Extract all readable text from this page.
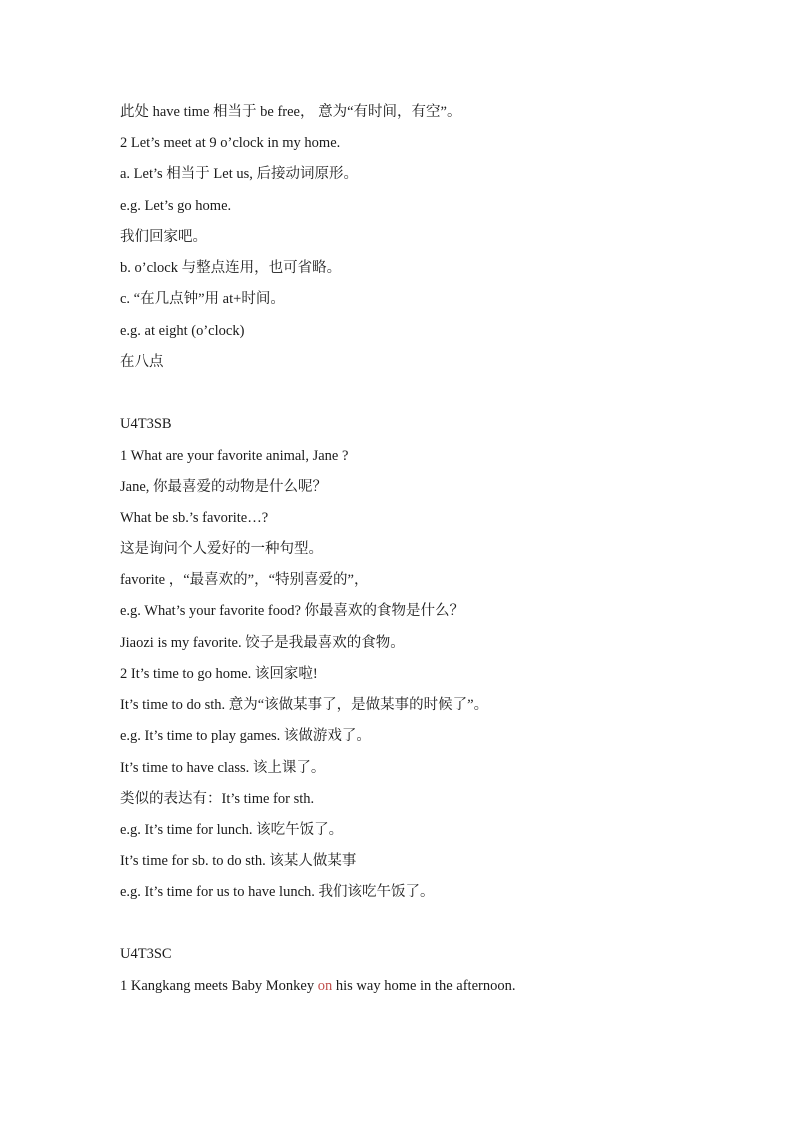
此处 have time 相当于 be free， 意为“有时间，有空”。
2 Let’s meet at 9 o’clock in my home.
a. Let’s 相当于 Let us, 后接动词原形。
e.g. Let’s go home.
我们回家吧。
b. o’clock 与整点连用，也可省略。
c. “在几点钟”用 at+时间。
e.g. at eight (o’clock)
在八点
U4T3SB
1 What are your favorite animal, Jane ?
Jane, 你最喜爱的动物是什么呢？
What be sb.’s favorite…?
这是询问个人爱好的一种句型。
favorite ，“最喜欢的”，“特别喜爱的”，
e.g. What’s your favorite food? 你最喜欢的食物是什么？
Jiaozi is my favorite. 饺子是我最喜欢的食物。
2 It’s time to go home. 该回家啦!
It’s time to do sth. 意为“该做某事了，是做某事的时候了”。
e.g. It’s time to play games. 该做游戏了。
It’s time to have class. 该上课了。
类似的表达有：It’s time for sth.
e.g. It’s time for lunch. 该吃午饭了。
It’s time for sb. to do sth. 该某人做某事
e.g. It’s time for us to have lunch. 我们该吃午饭了。
U4T3SC
1 Kangkang meets Baby Monkey on his way home in the afternoon.
